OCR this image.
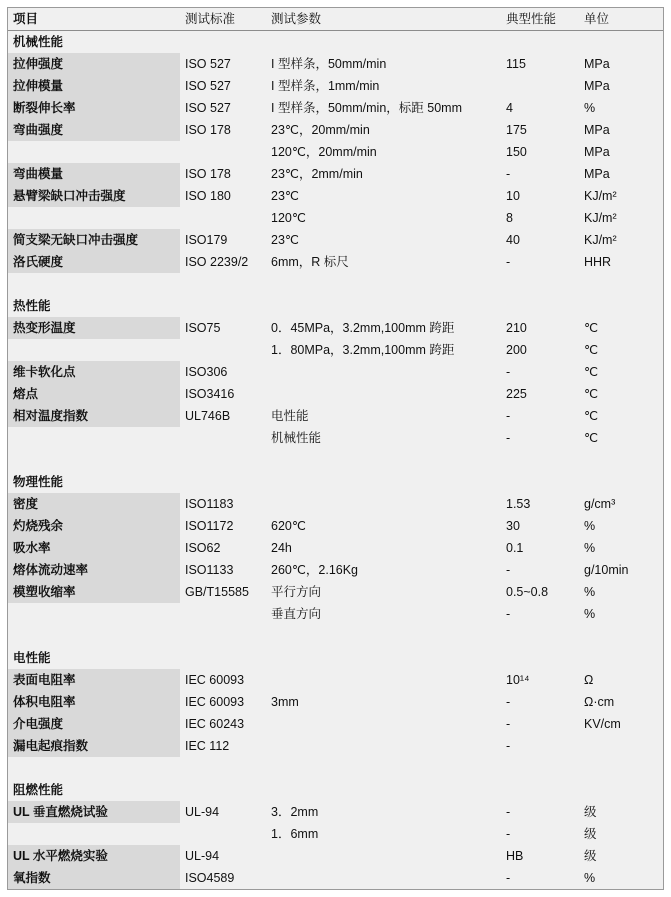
项目	测试标准	测试参数	典型性能	单位
机械性能				
拉伸强度	ISO 527	I 型样条，50mm/min	115	MPa
拉伸模量	ISO 527	I 型样条，1mm/min		MPa
断裂伸长率	ISO 527	I 型样条，50mm/min，标距 50mm	4	%
弯曲强度	ISO 178	23℃，20mm/min	175	MPa
		120℃，20mm/min	150	MPa
弯曲模量	ISO 178	23℃，2mm/min	-	MPa
悬臂梁缺口冲击强度	ISO 180	23℃	10	KJ/m²
		120℃	8	KJ/m²
简支梁无缺口冲击强度	ISO179	23℃	40	KJ/m²
洛氏硬度	ISO 2239/2	6mm，R 标尺	-	HHR

热性能				
热变形温度	ISO75	0．45MPa，3.2mm,100mm 跨距	210	℃
		1．80MPa，3.2mm,100mm 跨距	200	℃
维卡软化点	ISO306		-	℃
熔点	ISO3416		225	℃
相对温度指数	UL746B	电性能	-	℃
		机械性能	-	℃

物理性能				
密度	ISO1183		1.53	g/cm³
灼烧残余	ISO1172	620℃	30	%
吸水率	ISO62	24h	0.1	%
熔体流动速率	ISO1133	260℃，2.16Kg	-	g/10min
模塑收缩率	GB/T15585	平行方向	0.5~0.8	%
		垂直方向	-	%

电性能				
表面电阻率	IEC 60093		10¹⁴	Ω
体积电阻率	IEC 60093	3mm	-	Ω·cm
介电强度	IEC 60243		-	KV/cm
漏电起痕指数	IEC 112		-	

阻燃性能				
UL 垂直燃烧试验	UL-94	3．2mm	-	级
		1．6mm	-	级
UL 水平燃烧实验	UL-94		HB	级
氧指数	ISO4589		-	%
